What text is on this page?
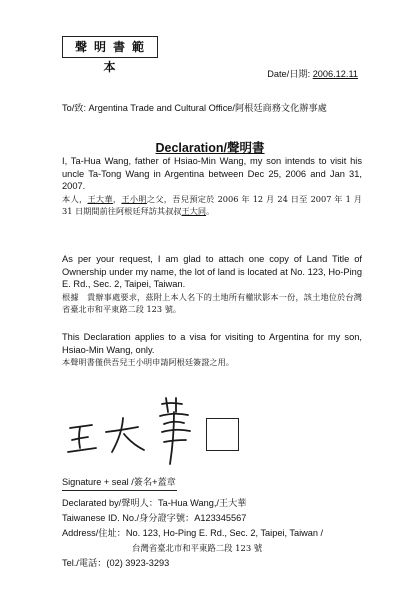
聲明書範本	Date/日期: 2006.12.11
To/致: Argentina Trade and Cultural Office/阿根廷商務文化辦事處
Declaration/聲明書
I, Ta-Hua Wang, father of Hsiao-Min Wang, my son intends to visit his uncle Ta-Tong Wang in Argentina between Dec 25, 2006 and Jan 31, 2007.
本人，王大華，王小明之父，吾兒預定於 2006 年 12 月 24 日至 2007 年 1 月 31 日期間前往阿根廷拜訪其叔叔王大同。
As per your request, I am glad to attach one copy of Land Title of Ownership under my name, the lot of land is located at No. 123, Ho-Ping E. Rd., Sec. 2, Taipei, Taiwan.
根據　貴辦事處要求，茲附上本人名下的土地所有權狀影本一份，該土地位於台灣省臺北市和平東路二段 123 號。
This Declaration applies to a visa for visiting to Argentina for my son, Hsiao-Min Wang, only.
本聲明書僅供吾兒王小明申請阿根廷簽證之用。
Signature + seal /簽名+蓋章
Declarated by/聲明人：Ta-Hua Wang,/王大華
Taiwanese ID. No./身分證字號：A123345567
Address/住址：No. 123, Ho-Ping E. Rd., Sec. 2, Taipei, Taiwan /
台灣省臺北市和平東路二段 123 號
Tel./電話：(02) 3923-3293
